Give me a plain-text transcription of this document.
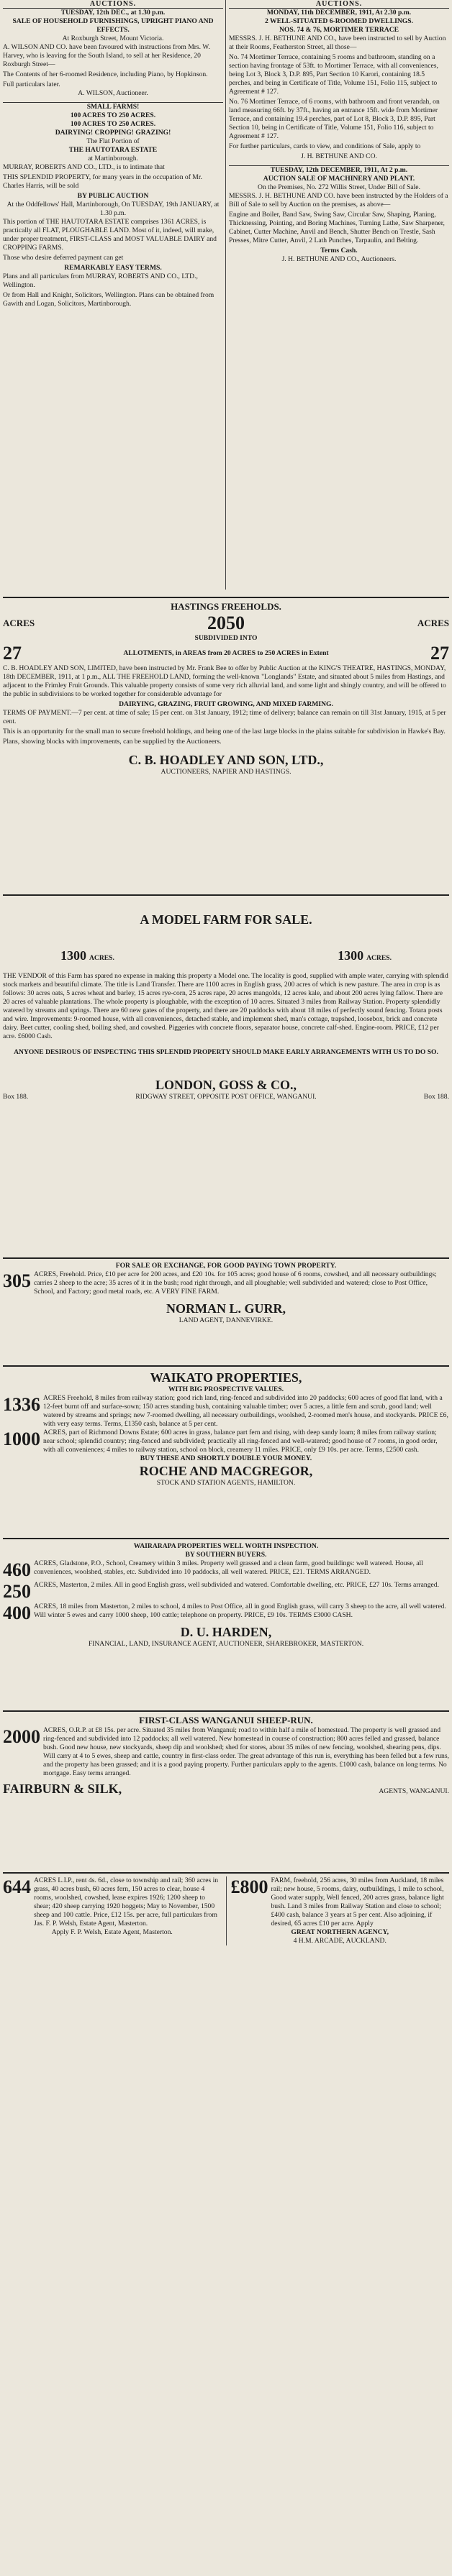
AUCTIONS.
TUESDAY, 12th DEC., at 1.30 p.m.
SALE OF HOUSEHOLD FURNISHINGS, UPRIGHT PIANO AND EFFECTS.
At Roxburgh Street, Mount Victoria.
A. WILSON AND CO. have been favoured with instructions from Mrs. W. Harvey, who is leaving for the South Island, to sell at her Residence, 20 Roxburgh Street—
The Contents of her 6-roomed Residence, including Piano, by Hopkinson.
Full particulars later.
A. WILSON, Auctioneer.
SMALL FARMS!
100 ACRES TO 250 ACRES.
100 ACRES TO 250 ACRES.
DAIRYING! CROPPING! GRAZING!
The Flat Portion of
THE HAUTOTARA ESTATE
at Martinborough.
MURRAY, ROBERTS AND CO., LTD., is to intimate that
THIS SPLENDID PROPERTY, for many years in the occupation of Mr. Charles Harris, will be sold
BY PUBLIC AUCTION
At the Oddfellows' Hall, Martinborough, On TUESDAY, 19th JANUARY, at 1.30 p.m.
This portion of THE HAUTOTARA ESTATE comprises 1361 ACRES, is practically all FLAT, PLOUGHABLE LAND. Most of it, indeed, will make, under proper treatment, FIRST-CLASS and MOST VALUABLE DAIRY and CROPPING FARMS.
Those who desire deferred payment can get
REMARKABLY EASY TERMS.
Plans and all particulars from MURRAY, ROBERTS AND CO., LTD., Wellington.
Or from Hall and Knight, Solicitors, Wellington. Plans can be obtained from Gawith and Logan, Solicitors, Martinborough.
AUCTIONS.
MONDAY, 11th DECEMBER, 1911, At 2.30 p.m.
2 WELL-SITUATED 6-ROOMED DWELLINGS.
NOS. 74 & 76, MORTIMER TERRACE
MESSRS. J. H. BETHUNE AND CO., have been instructed to sell by Auction at their Rooms, Featherston Street, all those—
No. 74 Mortimer Terrace, containing 5 rooms and bathroom, standing on a section having frontage of 53ft. to Mortimer Terrace, with all conveniences, being Lot 3, Block 3, D.P. 895, Part Section 10 Karori, containing 18.5 perches, and being in Certificate of Title, Volume 151, Folio 115, subject to Agreement # 127.
No. 76 Mortimer Terrace, of 6 rooms, with bathroom and front verandah, on land measuring 66ft. by 37ft., having an entrance 15ft. wide from Mortimer Terrace, and containing 19.4 perches, part of Lot 8, Block 3, D.P. 895, Part Section 10, being in Certificate of Title, Volume 151, Folio 116, subject to Agreement # 127.
For further particulars, cards to view, and conditions of Sale, apply to
J. H. BETHUNE AND CO.
TUESDAY, 12th DECEMBER, 1911, At 2 p.m.
AUCTION SALE OF MACHINERY AND PLANT.
On the Premises, No. 272 Willis Street, Under Bill of Sale.
MESSRS. J. H. BETHUNE AND CO. have been instructed by the Holders of a Bill of Sale to sell by Auction on the premises, as above—
Engine and Boiler, Band Saw, Swing Saw, Circular Saw, Shaping, Planing, Thicknessing, Pointing, and Boring Machines, Turning Lathe, Saw Sharpener, Cabinet, Cutter Machine, Anvil and Bench, Shutter Bench on Trestle, Sash Presses, Mitre Cutter, Anvil, 2 Lath Punches, Tarpaulin, and Belting.
Terms Cash.
J. H. BETHUNE AND CO., Auctioneers.
HASTINGS FREEHOLDS.
ACRES	2050	ACRES
SUBDIVIDED INTO
27	ALLOTMENTS, in AREAS from 20 ACRES to 250 ACRES in Extent	27
C. B. HOADLEY AND SON, LIMITED, have been instructed by Mr. Frank Bee to offer by Public Auction at the KING'S THEATRE, HASTINGS, MONDAY, 18th DECEMBER, 1911, at 1 p.m., ALL THE FREEHOLD LAND, forming the well-known "Longlands" Estate, and situated about 5 miles from Hastings, and adjacent to the Frimley Fruit Grounds. This valuable property consists of some very rich alluvial land, and some light and shingly country, and will be offered to the public in subdivisions to be worked together for considerable advantage for
DAIRYING, GRAZING, FRUIT GROWING, AND MIXED FARMING.
TERMS OF PAYMENT.—7 per cent. at time of sale; 15 per cent. on 31st January, 1912; time of delivery; balance can remain on till 31st January, 1915, at 5 per cent.
This is an opportunity for the small man to secure freehold holdings, and being one of the last large blocks in the plains suitable for subdivision in Hawke's Bay.
Plans, showing blocks with improvements, can be supplied by the Auctioneers.
C. B. HOADLEY AND SON, LTD.,
AUCTIONEERS, NAPIER AND HASTINGS.
A MODEL FARM FOR SALE.
1300 ACRES.	1300 ACRES.
THE VENDOR of this Farm has spared no expense in making this property a Model one. The locality is good, supplied with ample water, carrying with splendid stock markets and beautiful climate. The title is Land Transfer. There are 1100 acres in English grass, 200 acres of which is new pasture. The area in crop is as follows: 30 acres oats, 5 acres wheat and barley, 15 acres rye-corn, 25 acres rape, 20 acres mangolds, 12 acres kale, and about 200 acres lying fallow. There are 20 acres of valuable plantations. The whole property is ploughable, with the exception of 10 acres. Situated 3 miles from Railway Station. Property splendidly watered by streams and springs. There are 60 new gates of the property, and there are 20 paddocks with about 18 miles of perfectly sound fencing. Totara posts and wire. Improvements: 9-roomed house, with all conveniences, detached stable, and implement shed, man's cottage, trapshed, loosebox, brick and concrete dairy. Beet cutter, cooling shed, boiling shed, and cowshed. Piggeries with concrete floors, separator house, concrete calf-shed. Engine-room. PRICE, £12 per acre. £6000 Cash.
ANYONE DESIROUS OF INSPECTING THIS SPLENDID PROPERTY SHOULD MAKE EARLY ARRANGEMENTS WITH US TO DO SO.
LONDON, GOSS & CO.,
Box 188.	RIDGWAY STREET, OPPOSITE POST OFFICE, WANGANUI.	Box 188.
FOR SALE OR EXCHANGE, FOR GOOD PAYING TOWN PROPERTY.
305 ACRES, Freehold. Price, £10 per acre for 200 acres, and £20 10s. for 105 acres; good house of 6 rooms, cowshed, and all necessary outbuildings; carries 2 sheep to the acre; 35 acres of it in the bush; road right through, and all ploughable; well subdivided and watered; close to Post Office, School, and Factory; good metal roads, etc. A VERY FINE FARM.
NORMAN L. GURR,
LAND AGENT, DANNEVIRKE.
WAIKATO PROPERTIES,
WITH BIG PROSPECTIVE VALUES.
1336 ACRES Freehold, 8 miles from railway station; good rich land, ring-fenced and subdivided into 20 paddocks; 600 acres of good flat land, with a 12-feet burnt off and surface-sown; 150 acres standing bush, containing valuable timber; over 5 acres, a little fern and scrub, good land; well watered by streams and springs; new 7-roomed dwelling, all necessary outbuildings, woolshed, 2-roomed men's house, and stockyards. PRICE £6, with very easy terms. Terms, £1350 cash, balance at 5 per cent.
1000 ACRES, part of Richmond Downs Estate; 600 acres in grass, balance part fern and rising, with deep sandy loam; 8 miles from railway station; near school; splendid country; ring-fenced and subdivided; practically all ring-fenced and well-watered; good house of 7 rooms, in good order, with all conveniences; 4 miles to railway station, school on block, creamery 11 miles. PRICE, only £9 10s. per acre. Terms, £2500 cash.
BUY THESE AND SHORTLY DOUBLE YOUR MONEY.
ROCHE AND MACGREGOR,
STOCK AND STATION AGENTS, HAMILTON.
WAIRARAPA PROPERTIES WELL WORTH INSPECTION.
BY SOUTHERN BUYERS.
460 ACRES, Gladstone, P.O., School, Creamery within 3 miles. Property well grassed and a clean farm, good buildings: well watered. House, all conveniences, woolshed, stables, etc. Subdivided into 10 paddocks, all well watered. PRICE, £21. TERMS ARRANGED.
250 ACRES, Masterton, 2 miles. All in good English grass, well subdivided and watered. Comfortable dwelling, etc. PRICE, £27 10s. Terms arranged.
400 ACRES, 18 miles from Masterton, 2 miles to school, 4 miles to Post Office, all in good English grass, will carry 3 sheep to the acre, all well watered. Will winter 5 ewes and carry 1000 sheep, 100 cattle; telephone on property. PRICE, £9 10s. TERMS £3000 CASH.
D. U. HARDEN,
FINANCIAL, LAND, INSURANCE AGENT, AUCTIONEER, SHAREBROKER, MASTERTON.
FIRST-CLASS WANGANUI SHEEP-RUN.
2000 ACRES, O.R.P. at £8 15s. per acre. Situated 35 miles from Wanganui; road to within half a mile of homestead. The property is well grassed and ring-fenced and subdivided into 12 paddocks; all well watered. New homestead in course of construction; 800 acres felled and grassed, balance bush. Good new house, new stockyards, sheep dip and woolshed; shed for stores, about 35 miles of new fencing, woolshed, shearing pens, dips. Will carry at 4 to 5 ewes, sheep and cattle, country in first-class order. The great advantage of this run is, everything has been felled but a few runs, and the property has been grassed; and it is a good paying property. Further particulars apply to the agents. £1000 cash, balance on long terms. No mortgage. Easy terms arranged.
FAIRBURN & SILK,	AGENTS, WANGANUI.
644 ACRES L.I.P., rent 4s. 6d., close to township and rail; 360 acres in grass, 40 acres bush, 60 acres fern, 150 acres to clear, house 4 rooms, woolshed, cowshed, lease expires 1926; 1200 sheep to shear; 420 sheep carrying 1920 hoggets; May to November, 1500 sheep and 100 cattle. Price, £12 15s. per acre, full particulars from Jas. F. P. Welsh, Estate Agent, Masterton.
Apply F. P. Welsh, Estate Agent, Masterton.
£800 FARM, freehold, 256 acres, 30 miles from Auckland, 18 miles rail; new house, 5 rooms, dairy, outbuildings, 1 mile to school, Good water supply, Well fenced, 200 acres grass, balance light bush. Land 3 miles from Railway Station and close to school; £400 cash, balance 3 years at 5 per cent. Also adjoining, if desired, 65 acres £10 per acre. Apply
GREAT NORTHERN AGENCY,
4 H.M. ARCADE, AUCKLAND.
